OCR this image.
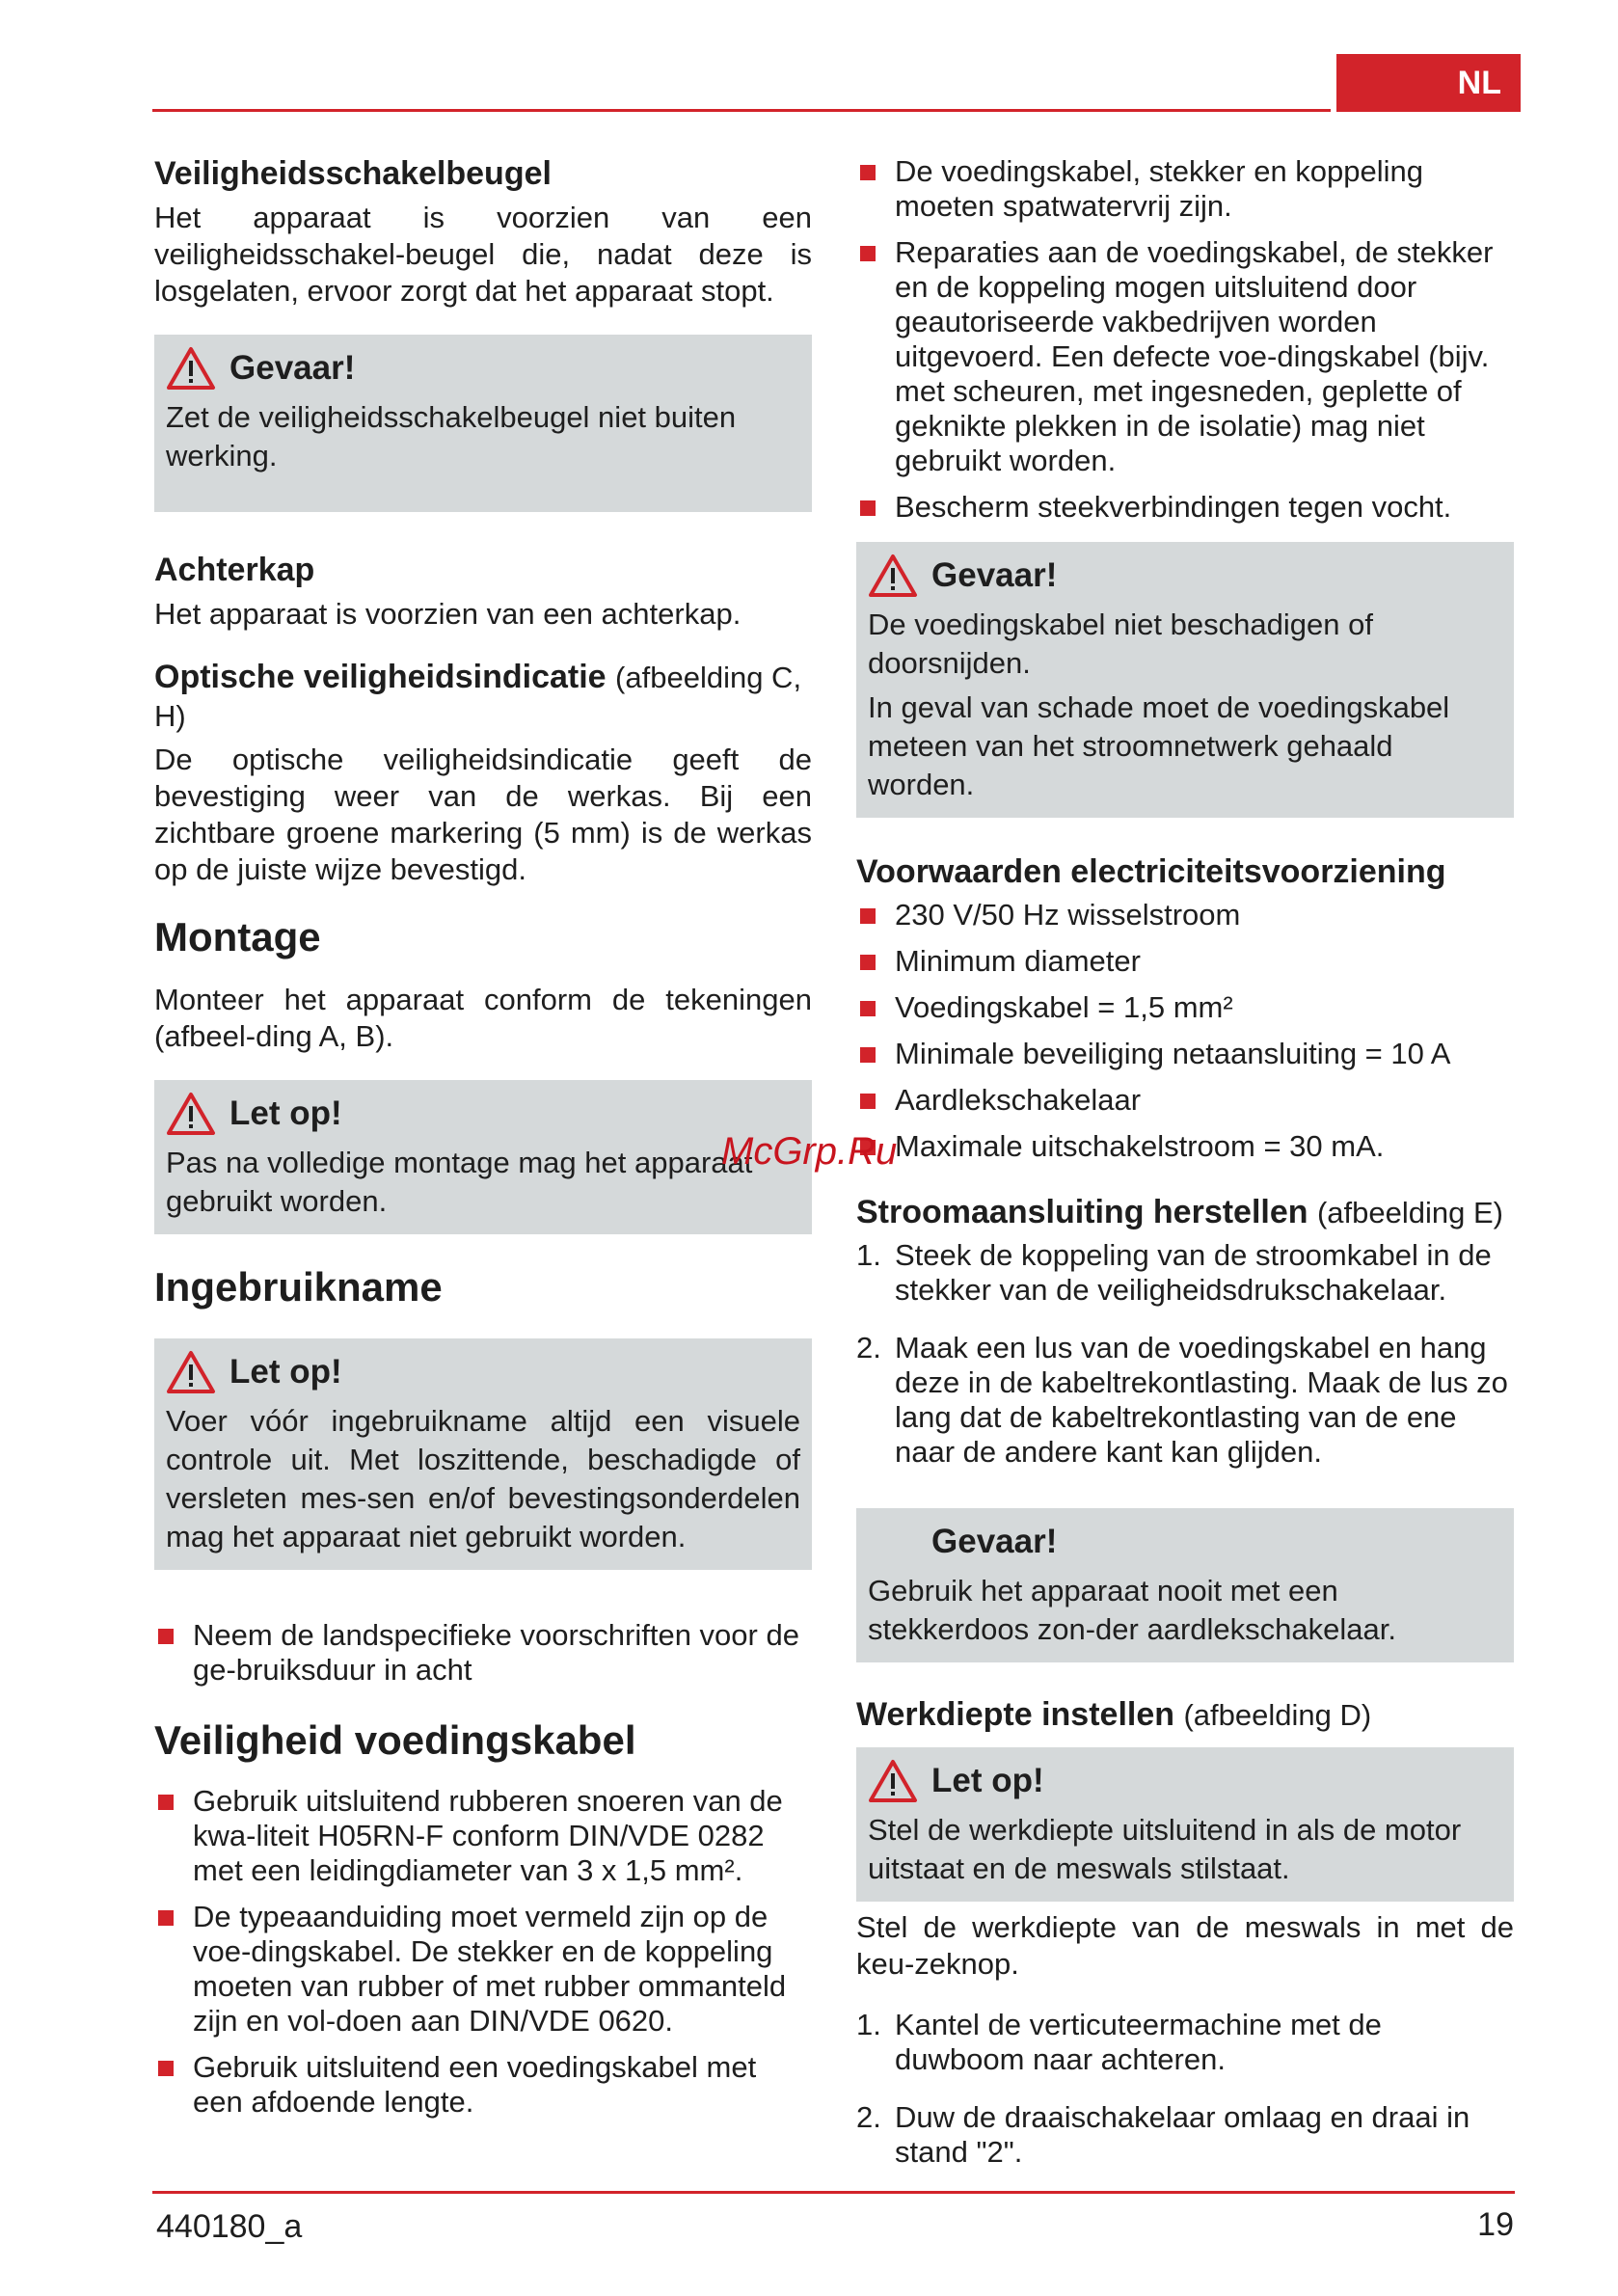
NL
Veiligheidsschakelbeugel

Het apparaat is voorzien van een veiligheidsschakel-beugel die, nadat deze is losgelaten, ervoor zorgt dat het apparaat stopt.

Gevaar!

Zet de veiligheidsschakelbeugel niet buiten werking.

Achterkap

Het apparaat is voorzien van een achterkap.

Optische veiligheidsindicatie (afbeelding C, H)

De optische veiligheidsindicatie geeft de bevestiging weer van de werkas. Bij een zichtbare groene markering (5 mm) is de werkas op de juiste wijze bevestigd.

Montage

Monteer het apparaat conform de tekeningen (afbeel-ding A, B).

Let op!

Pas na volledige montage mag het apparaat gebruikt worden.

Ingebruikname
Let op!

Voer vóór ingebruikname altijd een visuele controle uit. Met loszittende, beschadigde of versleten mes-sen en/of bevestingsonderdelen mag het apparaat niet gebruikt worden.

Neem de landspecifieke voorschriften voor de ge-bruiksduur in acht
Veiligheid voedingskabel
Gebruik uitsluitend rubberen snoeren van de kwa-liteit H05RN-F conform DIN/VDE 0282 met een leidingdiameter van 3 x 1,5 mm².
De typeaanduiding moet vermeld zijn op de voe-dingskabel. De stekker en de koppeling moeten van rubber of met rubber ommanteld zijn en vol-doen aan DIN/VDE 0620.
Gebruik uitsluitend een voedingskabel met een afdoende lengte.
De voedingskabel, stekker en koppeling moeten spatwatervrij zijn.
Reparaties aan de voedingskabel, de stekker en de koppeling mogen uitsluitend door geautoriseerde vakbedrijven worden uitgevoerd. Een defecte voe-dingskabel (bijv. met scheuren, met ingesneden, geplette of geknikte plekken in de isolatie) mag niet gebruikt worden.
Bescherm steekverbindingen tegen vocht.
Gevaar!

De voedingskabel niet beschadigen of doorsnijden.

In geval van schade moet de voedingskabel meteen van het stroomnetwerk gehaald worden.

Voorwaarden electriciteitsvoorziening
230 V/50 Hz wisselstroom
Minimum diameter
Voedingskabel = 1,5 mm²
Minimale beveiliging netaansluiting = 10 A
Aardlekschakelaar
Maximale uitschakelstroom = 30 mA.
Stroomaansluiting herstellen (afbeelding E)
1. Steek de koppeling van de stroomkabel in de stekker van de veiligheidsdrukschakelaar.
2. Maak een lus van de voedingskabel en hang deze in de kabeltrekontlasting. Maak de lus zo lang dat de kabeltrekontlasting van de ene naar de andere kant kan glijden.
Gevaar!

Gebruik het apparaat nooit met een stekkerdoos zon-der aardlekschakelaar.

Werkdiepte instellen (afbeelding D)
Let op!

Stel de werkdiepte uitsluitend in als de motor uitstaat en de meswals stilstaat.

Stel de werkdiepte van de meswals in met de keu-zeknop.

1. Kantel de verticuteermachine met de duwboom naar achteren.
2. Duw de draaischakelaar omlaag en draai in stand "2".
McGrp.Ru
440180_a	19
